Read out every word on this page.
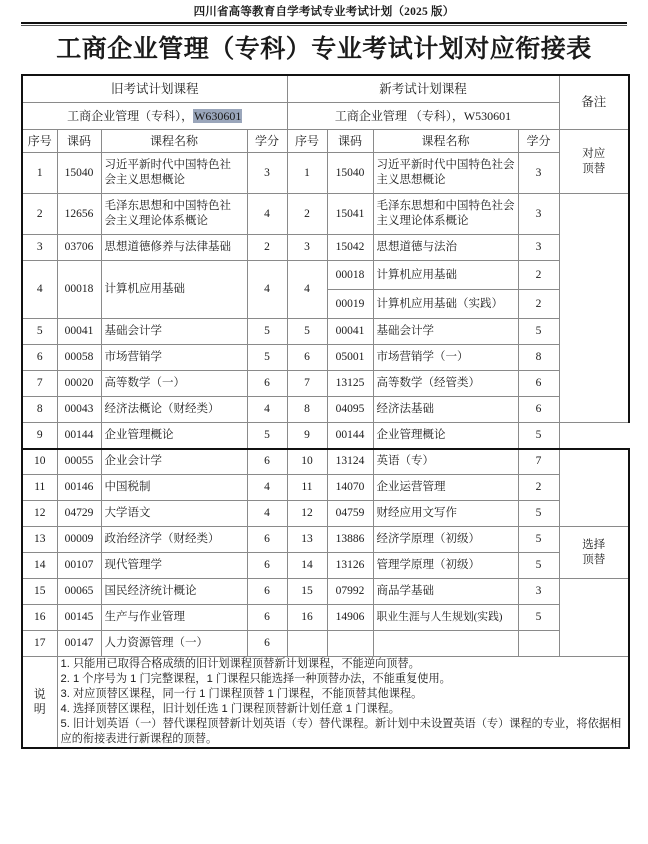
四川省高等教育自学考试专业考试计划（2025 版）
工商企业管理（专科）专业考试计划对应衔接表
旧考试计划课程				新考试计划课程				备注
工商企业管理（专科），W630601				工商企业管理 （专科），W530601				
序号	课码	课程名称	学分	序号	课码	课程名称	学分	对应
顶替

1	15040	习近平新时代中国特色社
会主义思想概论	3	1	15040	习近平新时代中国特色社会
主义思想概论	3	
2	12656	毛泽东思想和中国特色社
会主义理论体系概论	4	2	15041	毛泽东思想和中国特色社会
主义理论体系概论	3	
3	03706	思想道德修养与法律基础	2	3	15042	思想道德与法治	3	
4	00018	计算机应用基础	4	4	00018	计算机应用基础	2	
					00019	计算机应用基础（实践）	2	
5	00041	基础会计学	5	5	00041	基础会计学	5	
6	00058	市场营销学	5	6	05001	市场营销学（一）	8	
7	00020	高等数学（一）	6	7	13125	高等数学（经管类）	6	
8	00043	经济法概论（财经类）	4	8	04095	经济法基础	6	
9	00144	企业管理概论	5	9	00144	企业管理概论	5	
10	00055	企业会计学	6	10	13124	英语（专）	7	
11	00146	中国税制	4	11	14070	企业运营管理	2	
12	04729	大学语文	4	12	04759	财经应用文写作	5	
13	00009	政治经济学（财经类）	6	13	13886	经济学原理（初级）	5	选择
顶替

14	00107	现代管理学	6	14	13126	管理学原理（初级）	5	
15	00065	国民经济统计概论	6	15	07992	商品学基础	3	
16	00145	生产与作业管理	6	16	14906	职业生涯与人生规划(实践)	5	
17	00147	人力资源管理（一）	6					

说
明

1. 只能用已取得合格成绩的旧计划课程顶替新计划课程，不能逆向顶替。

2. 1 个序号为 1 门完整课程，1 门课程只能选择一种顶替办法，不能重复使用。

3. 对应顶替区课程，同一行 1 门课程顶替 1 门课程，不能顶替其他课程。

4. 选择顶替区课程，旧计划任选 1 门课程顶替新计划任意 1 门课程。

5. 旧计划英语（一）替代课程顶替新计划英语（专）替代课程。新计划中未设置英语（专）课程的专业，将依据相应的衔接表进行新课程的顶替。
